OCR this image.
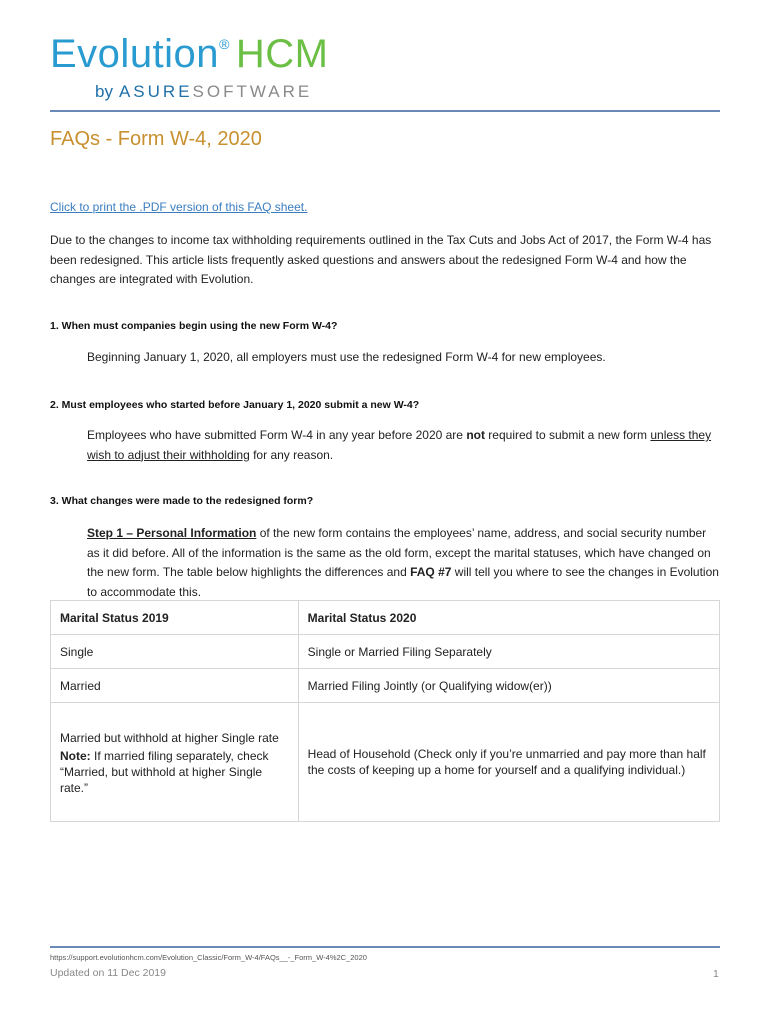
Evolution® HCM
by ASURESOFTWARE
FAQs - Form W-4, 2020
Click to print the .PDF version of this FAQ sheet.
Due to the changes to income tax withholding requirements outlined in the Tax Cuts and Jobs Act of 2017, the Form W-4 has been redesigned. This article lists frequently asked questions and answers about the redesigned Form W-4 and how the changes are integrated with Evolution.
1. When must companies begin using the new Form W-4?
Beginning January 1, 2020, all employers must use the redesigned Form W-4 for new employees.
2. Must employees who started before January 1, 2020 submit a new W-4?
Employees who have submitted Form W-4 in any year before 2020 are not required to submit a new form unless they wish to adjust their withholding for any reason.
3. What changes were made to the redesigned form?
Step 1 – Personal Information of the new form contains the employees’ name, address, and social security number as it did before. All of the information is the same as the old form, except the marital statuses, which have changed on the new form. The table below highlights the differences and FAQ #7 will tell you where to see the changes in Evolution to accommodate this.
Marital Status 2019	Marital Status 2020
Single	Single or Married Filing Separately
Married	Married Filing Jointly (or Qualifying widow(er))

Married but withhold at higher Single rate
Note: If married filing separately, check “Married, but withhold at higher Single rate.”	Head of Household (Check only if you’re unmarried and pay more than half the costs of keeping up a home for yourself and a qualifying individual.)
https://support.evolutionhcm.com/Evolution_Classic/Form_W-4/FAQs__-_Form_W-4%2C_2020
Updated on 11 Dec 2019	1
